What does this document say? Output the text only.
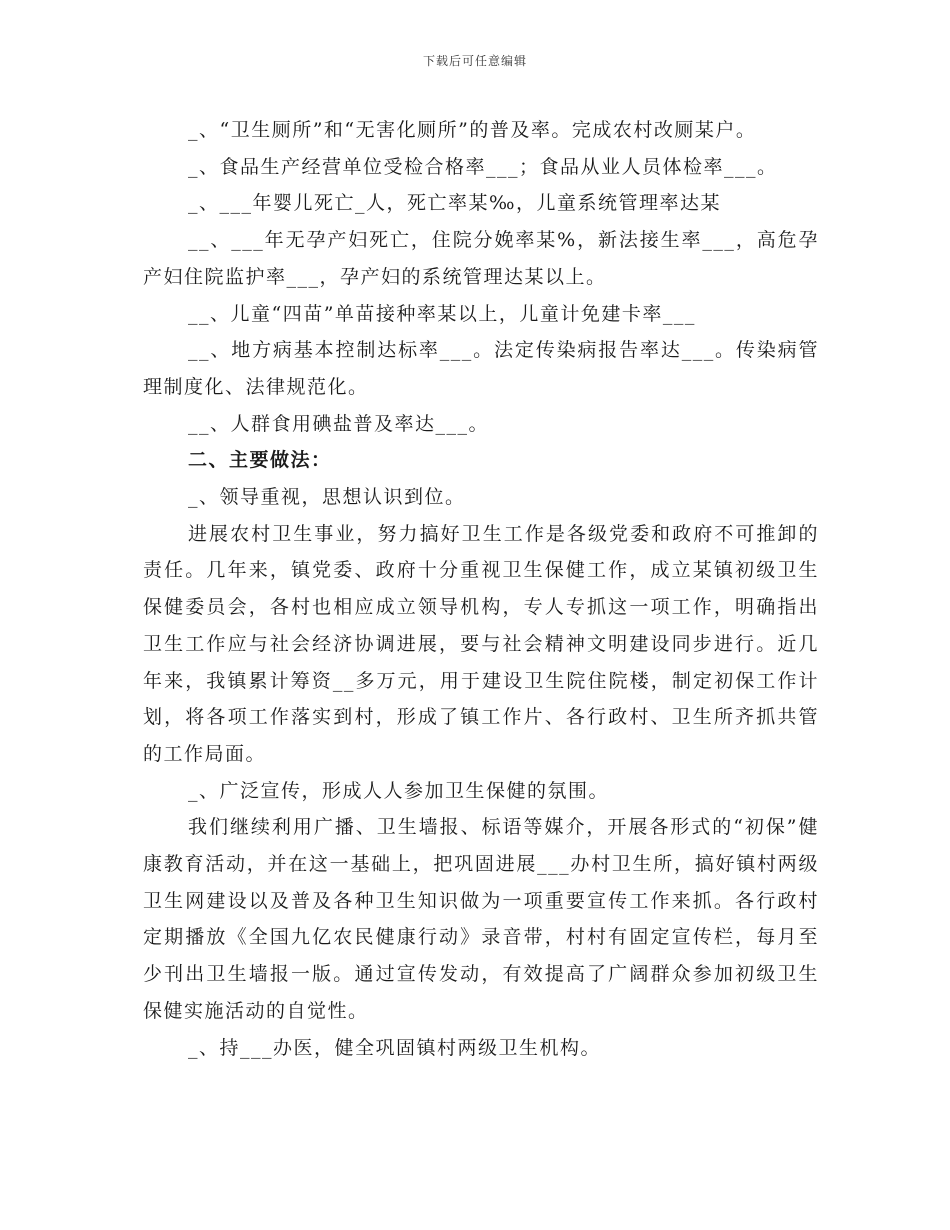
下载后可任意编辑

_、“卫生厕所”和“无害化厕所”的普及率。完成农村改厕某户。

_、食品生产经营单位受检合格率___；食品从业人员体检率___。

_、___年婴儿死亡_人，死亡率某‰，儿童系统管理率达某

__、___年无孕产妇死亡，住院分娩率某%，新法接生率___，高危孕产妇住院监护率___，孕产妇的系统管理达某以上。

__、儿童“四苗”单苗接种率某以上，儿童计免建卡率___

__、地方病基本控制达标率___。法定传染病报告率达___。传染病管理制度化、法律规范化。

__、人群食用碘盐普及率达___。

二、主要做法：

_、领导重视，思想认识到位。

进展农村卫生事业，努力搞好卫生工作是各级党委和政府不可推卸的责任。几年来，镇党委、政府十分重视卫生保健工作，成立某镇初级卫生保健委员会，各村也相应成立领导机构，专人专抓这一项工作，明确指出卫生工作应与社会经济协调进展，要与社会精神文明建设同步进行。近几年来，我镇累计筹资__多万元，用于建设卫生院住院楼，制定初保工作计划，将各项工作落实到村，形成了镇工作片、各行政村、卫生所齐抓共管的工作局面。

_、广泛宣传，形成人人参加卫生保健的氛围。

我们继续利用广播、卫生墙报、标语等媒介，开展各形式的“初保”健康教育活动，并在这一基础上，把巩固进展___办村卫生所，搞好镇村两级卫生网建设以及普及各种卫生知识做为一项重要宣传工作来抓。各行政村定期播放《全国九亿农民健康行动》录音带，村村有固定宣传栏，每月至少刊出卫生墙报一版。通过宣传发动，有效提高了广阔群众参加初级卫生保健实施活动的自觉性。

_、持___办医，健全巩固镇村两级卫生机构。
